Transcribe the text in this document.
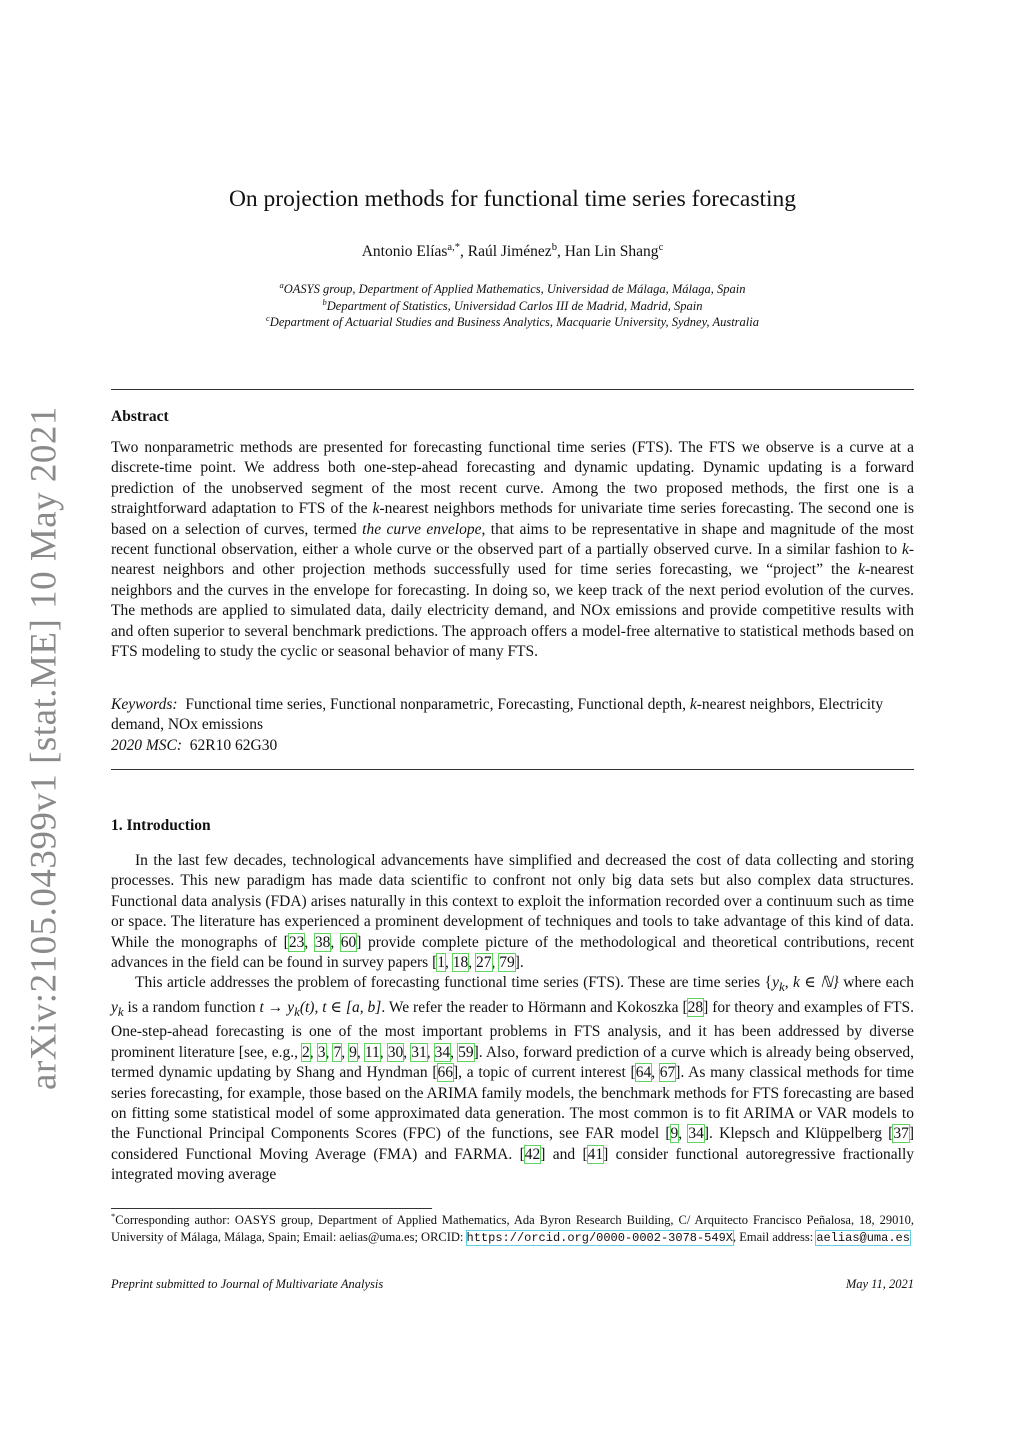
arXiv:2105.04399v1 [stat.ME] 10 May 2021
On projection methods for functional time series forecasting
Antonio Elías$^{a,*}$, Raúl Jiménez$^b$, Han Lin Shang$^c$
$^a$OASYS group, Department of Applied Mathematics, Universidad de Málaga, Málaga, Spain
$^b$Department of Statistics, Universidad Carlos III de Madrid, Madrid, Spain
$^c$Department of Actuarial Studies and Business Analytics, Macquarie University, Sydney, Australia
Abstract

Two nonparametric methods are presented for forecasting functional time series (FTS). The FTS we observe is a curve at a discrete-time point. We address both one-step-ahead forecasting and dynamic updating. Dynamic updating is a forward prediction of the unobserved segment of the most recent curve. Among the two proposed methods, the first one is a straightforward adaptation to FTS of the k-nearest neighbors methods for univariate time series forecasting. The second one is based on a selection of curves, termed the curve envelope, that aims to be representative in shape and magnitude of the most recent functional observation, either a whole curve or the observed part of a partially observed curve. In a similar fashion to k-nearest neighbors and other projection methods successfully used for time series forecasting, we “project” the k-nearest neighbors and the curves in the envelope for forecasting. In doing so, we keep track of the next period evolution of the curves. The methods are applied to simulated data, daily electricity demand, and NOx emissions and provide competitive results with and often superior to several benchmark predictions. The approach offers a model-free alternative to statistical methods based on FTS modeling to study the cyclic or seasonal behavior of many FTS.

Keywords: Functional time series, Functional nonparametric, Forecasting, Functional depth, k-nearest neighbors, Electricity demand, NOx emissions
2020 MSC: 62R10 62G30
1. Introduction

In the last few decades, technological advancements have simplified and decreased the cost of data collecting and storing processes. This new paradigm has made data scientific to confront not only big data sets but also complex data structures. Functional data analysis (FDA) arises naturally in this context to exploit the information recorded over a continuum such as time or space. The literature has experienced a prominent development of techniques and tools to take advantage of this kind of data. While the monographs of [23, 38, 60] provide complete picture of the methodological and theoretical contributions, recent advances in the field can be found in survey papers [1, 18, 27, 79].

This article addresses the problem of forecasting functional time series (FTS). These are time series {$y_k$, k ∈ ℕ} where each $y_k$ is a random function $t \to y_k(t)$, t ∈ [a, b]. We refer the reader to Hörmann and Kokoszka [28] for theory and examples of FTS. One-step-ahead forecasting is one of the most important problems in FTS analysis, and it has been addressed by diverse prominent literature [see, e.g., 2, 3, 7, 9, 11, 30, 31, 34, 59]. Also, forward prediction of a curve which is already being observed, termed dynamic updating by Shang and Hyndman [66], a topic of current interest [64, 67]. As many classical methods for time series forecasting, for example, those based on the ARIMA family models, the benchmark methods for FTS forecasting are based on fitting some statistical model of some approximated data generation. The most common is to fit ARIMA or VAR models to the Functional Principal Components Scores (FPC) of the functions, see FAR model [9, 34]. Klepsch and Klüppelberg [37] considered Functional Moving Average (FMA) and FARMA. [42] and [41] consider functional autoregressive fractionally integrated moving average

*Corresponding author: OASYS group, Department of Applied Mathematics, Ada Byron Research Building, C/ Arquitecto Francisco Peñalosa, 18, 29010, University of Málaga, Málaga, Spain; Email: aelias@uma.es; ORCID: https://orcid.org/0000-0002-3078-549X, Email address: aelias@uma.es
Preprint submitted to Journal of Multivariate Analysis	May 11, 2021
